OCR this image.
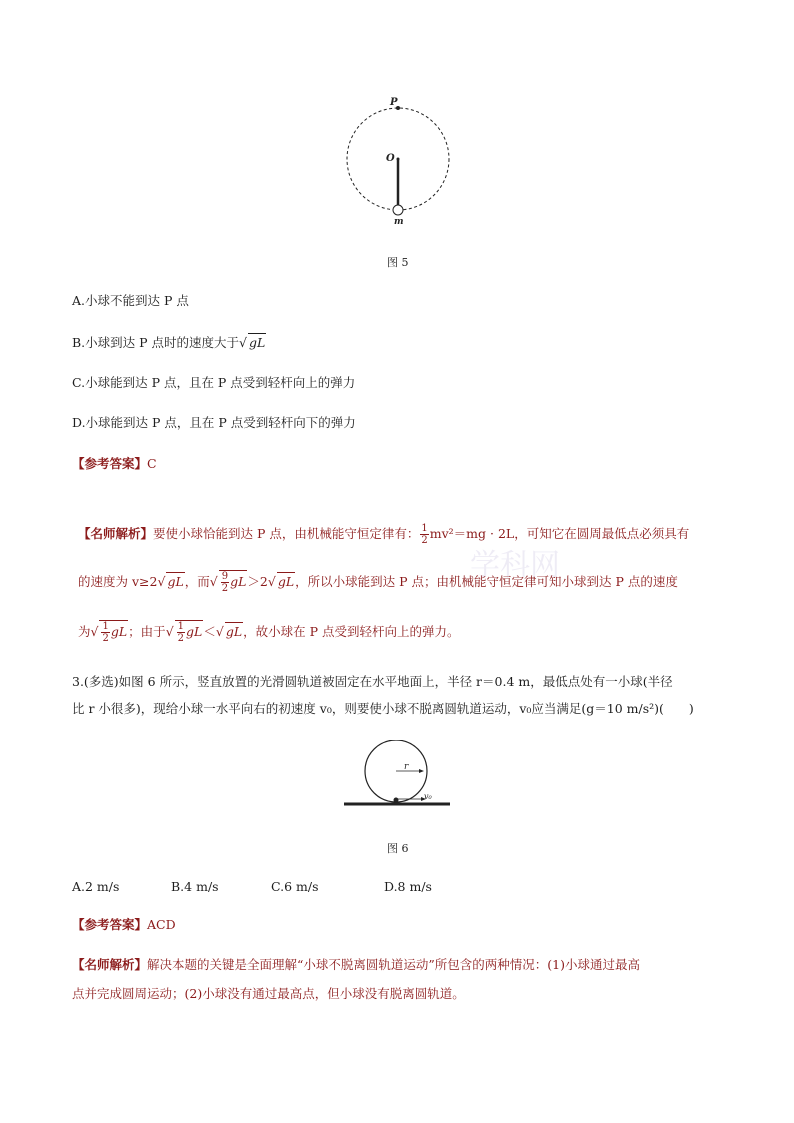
P
O
m
图 5
A.小球不能到达 P 点
B.小球到达 P 点时的速度大于√ gL
C.小球能到达 P 点，且在 P 点受到轻杆向上的弹力
D.小球能到达 P 点，且在 P 点受到轻杆向下的弹力
【参考答案】C
学科网
【名师解析】要使小球恰能到达 P 点，由机械能守恒定律有： $\frac{1}{2} mv^2=mg \cdot 2L$，可知它在圆周最低点必须具有
的速度为 v≥2√ gL，而√ $\frac{9}{2} gL>2√$ gL，所以小球能到达 P 点；由机械能守恒定律可知小球到达 P 点的速度
为√ $\frac{1}{2}$ gL；由于√ $\frac{1}{2} gL<√$ gL，故小球在 P 点受到轻杆向上的弹力。
3.(多选)如图 6 所示，竖直放置的光滑圆轨道被固定在水平地面上，半径 r＝0.4 m，最低点处有一小球(半径
比 r 小很多)，现给小球一水平向右的初速度 v₀，则要使小球不脱离圆轨道运动，v₀应当满足(g＝10 m/s²)(　　)
r
v₀
图 6
A.2 m/s	B.4 m/s	C.6 m/s	D.8 m/s
【参考答案】ACD
【名师解析】解决本题的关键是全面理解“小球不脱离圆轨道运动”所包含的两种情况：(1)小球通过最高
点并完成圆周运动；(2)小球没有通过最高点，但小球没有脱离圆轨道。
